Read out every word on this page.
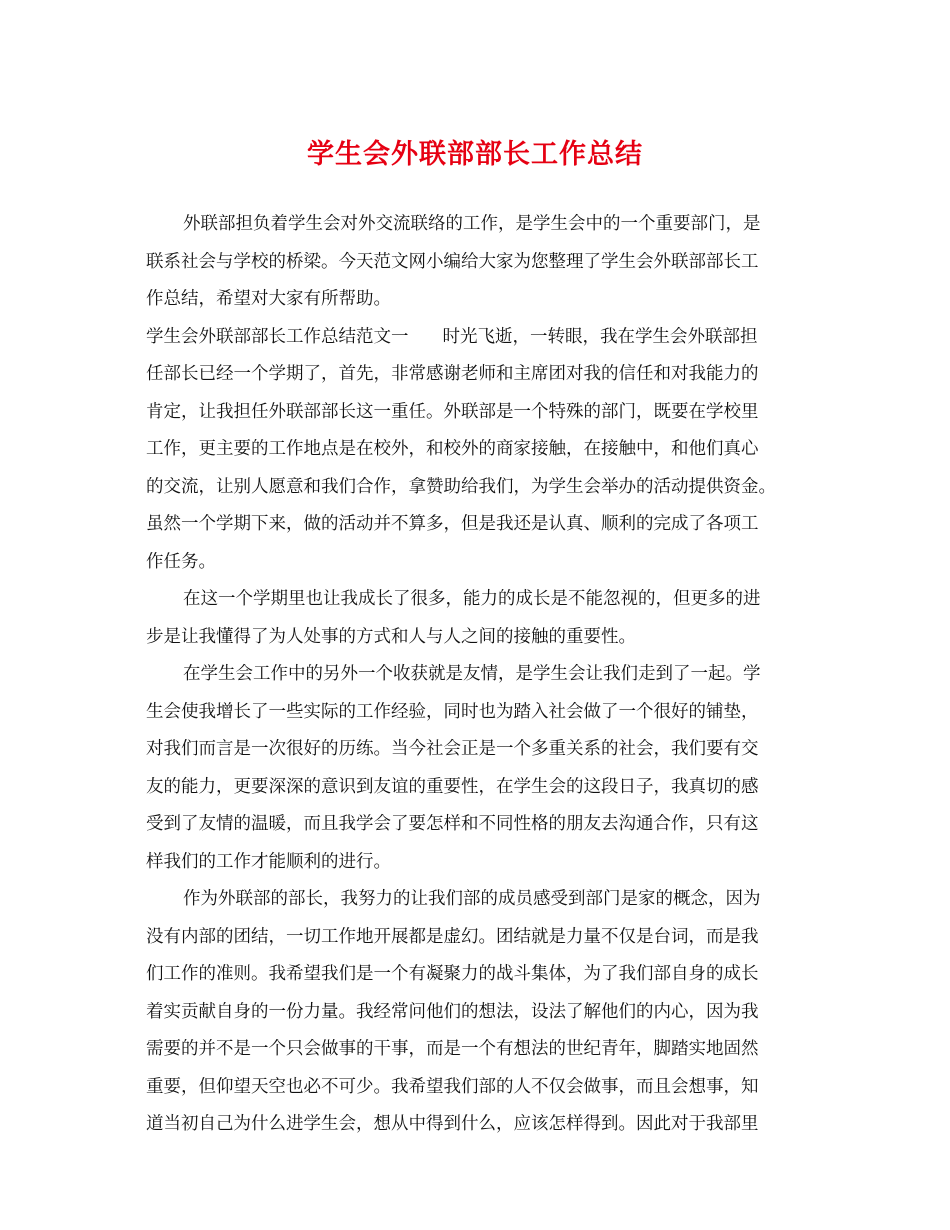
学生会外联部部长工作总结
外联部担负着学生会对外交流联络的工作，是学生会中的一个重要部门，是
联系社会与学校的桥梁。今天范文网小编给大家为您整理了学生会外联部部长工
作总结，希望对大家有所帮助。
学生会外联部部长工作总结范文一 时光飞逝，一转眼，我在学生会外联部担
任部长已经一个学期了，首先，非常感谢老师和主席团对我的信任和对我能力的
肯定，让我担任外联部部长这一重任。外联部是一个特殊的部门，既要在学校里
工作，更主要的工作地点是在校外，和校外的商家接触，在接触中，和他们真心
的交流，让别人愿意和我们合作，拿赞助给我们，为学生会举办的活动提供资金。
虽然一个学期下来，做的活动并不算多，但是我还是认真、顺利的完成了各项工
作任务。
在这一个学期里也让我成长了很多，能力的成长是不能忽视的，但更多的进
步是让我懂得了为人处事的方式和人与人之间的接触的重要性。
在学生会工作中的另外一个收获就是友情，是学生会让我们走到了一起。学
生会使我增长了一些实际的工作经验，同时也为踏入社会做了一个很好的铺垫，
对我们而言是一次很好的历练。当今社会正是一个多重关系的社会，我们要有交
友的能力，更要深深的意识到友谊的重要性，在学生会的这段日子，我真切的感
受到了友情的温暖，而且我学会了要怎样和不同性格的朋友去沟通合作，只有这
样我们的工作才能顺利的进行。
作为外联部的部长，我努力的让我们部的成员感受到部门是家的概念，因为
没有内部的团结，一切工作地开展都是虚幻。团结就是力量不仅是台词，而是我
们工作的准则。我希望我们是一个有凝聚力的战斗集体，为了我们部自身的成长
着实贡献自身的一份力量。我经常问他们的想法，设法了解他们的内心，因为我
需要的并不是一个只会做事的干事，而是一个有想法的世纪青年，脚踏实地固然
重要，但仰望天空也必不可少。我希望我们部的人不仅会做事，而且会想事，知
道当初自己为什么进学生会，想从中得到什么，应该怎样得到。因此对于我部里
